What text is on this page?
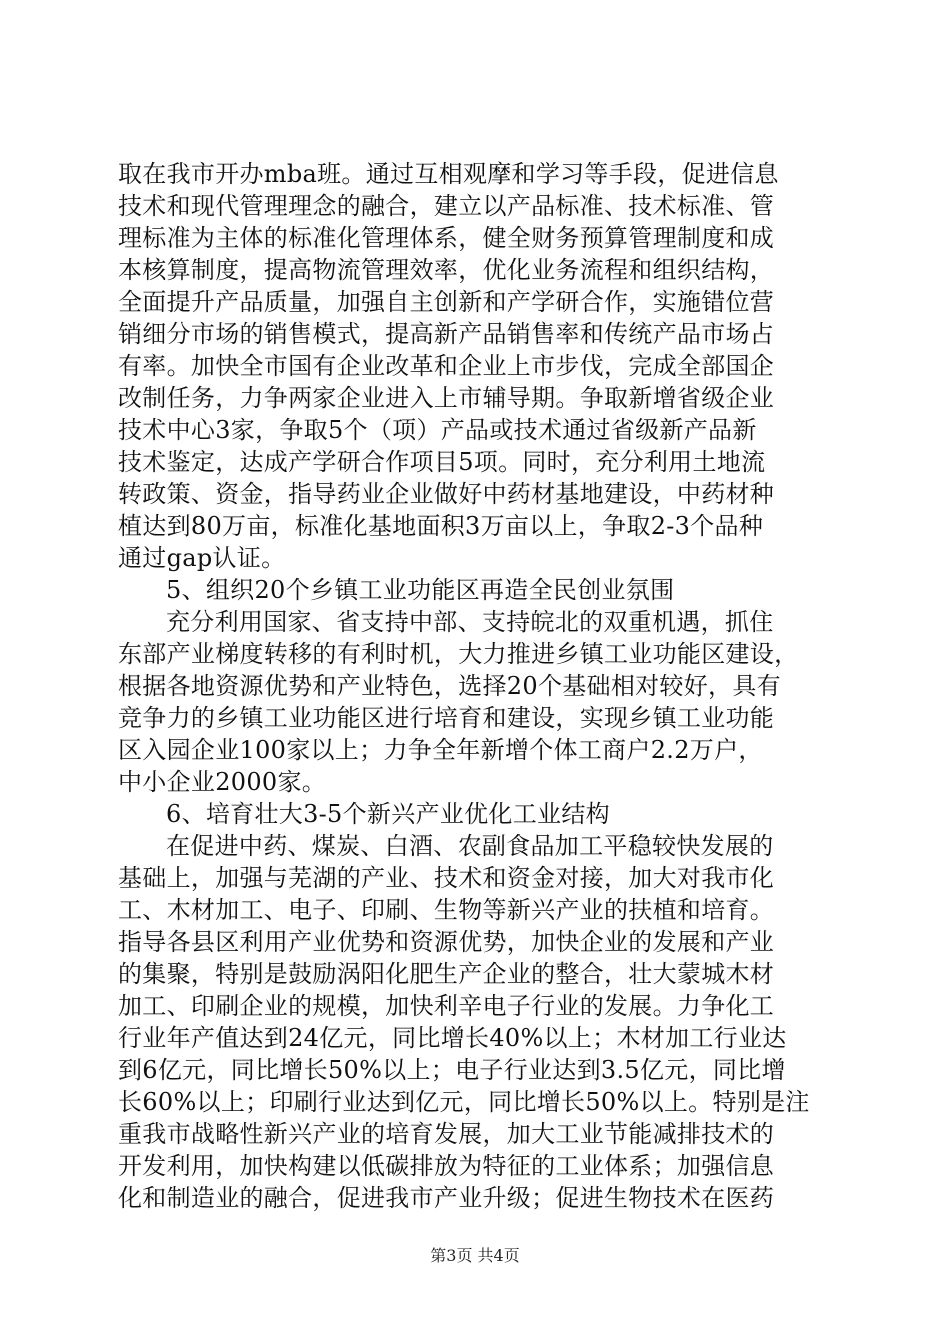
取在我市开办mba班。通过互相观摩和学习等手段，促进信息
技术和现代管理理念的融合，建立以产品标准、技术标准、管
理标准为主体的标准化管理体系，健全财务预算管理制度和成
本核算制度，提高物流管理效率，优化业务流程和组织结构，
全面提升产品质量，加强自主创新和产学研合作，实施错位营
销细分市场的销售模式，提高新产品销售率和传统产品市场占
有率。加快全市国有企业改革和企业上市步伐，完成全部国企
改制任务，力争两家企业进入上市辅导期。争取新增省级企业
技术中心3家，争取5个（项）产品或技术通过省级新产品新
技术鉴定，达成产学研合作项目5项。同时，充分利用土地流
转政策、资金，指导药业企业做好中药材基地建设，中药材种
植达到80万亩，标准化基地面积3万亩以上，争取2-3个品种
通过gap认证。
5、组织20个乡镇工业功能区再造全民创业氛围
充分利用国家、省支持中部、支持皖北的双重机遇，抓住
东部产业梯度转移的有利时机，大力推进乡镇工业功能区建设，
根据各地资源优势和产业特色，选择20个基础相对较好，具有
竞争力的乡镇工业功能区进行培育和建设，实现乡镇工业功能
区入园企业100家以上；力争全年新增个体工商户2.2万户，
中小企业2000家。
6、培育壮大3-5个新兴产业优化工业结构
在促进中药、煤炭、白酒、农副食品加工平稳较快发展的
基础上，加强与芜湖的产业、技术和资金对接，加大对我市化
工、木材加工、电子、印刷、生物等新兴产业的扶植和培育。
指导各县区利用产业优势和资源优势，加快企业的发展和产业
的集聚，特别是鼓励涡阳化肥生产企业的整合，壮大蒙城木材
加工、印刷企业的规模，加快利辛电子行业的发展。力争化工
行业年产值达到24亿元，同比增长40%以上；木材加工行业达
到6亿元，同比增长50%以上；电子行业达到3.5亿元，同比增
长60%以上；印刷行业达到亿元，同比增长50%以上。特别是注
重我市战略性新兴产业的培育发展，加大工业节能减排技术的
开发利用，加快构建以低碳排放为特征的工业体系；加强信息
化和制造业的融合，促进我市产业升级；促进生物技术在医药
第3页 共4页
